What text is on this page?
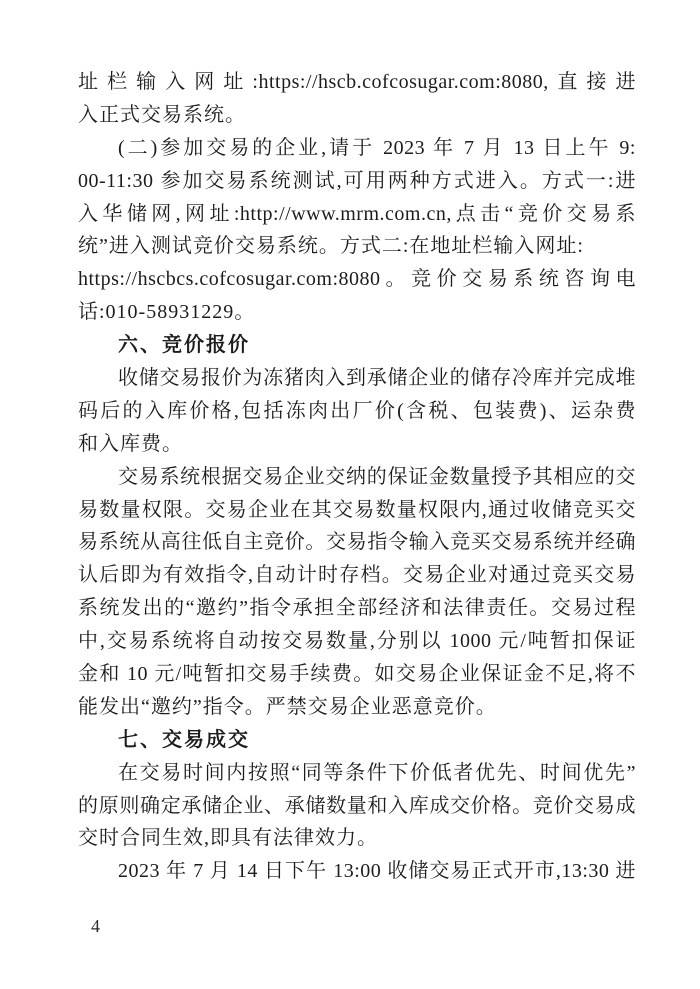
址栏输入网址:https://hscb.cofcosugar.com:8080,直接进
入正式交易系统。
(二)参加交易的企业,请于 2023 年 7 月 13 日上午 9:
00-11:30 参加交易系统测试,可用两种方式进入。方式一:进
入华储网,网址:http://www.mrm.com.cn,点击“竞价交易系
统”进入测试竞价交易系统。方式二:在地址栏输入网址:
https://hscbcs.cofcosugar.com:8080。竞价交易系统咨询电
话:010-58931229。
六、竞价报价
收储交易报价为冻猪肉入到承储企业的储存冷库并完成堆
码后的入库价格,包括冻肉出厂价(含税、包装费)、运杂费
和入库费。
交易系统根据交易企业交纳的保证金数量授予其相应的交
易数量权限。交易企业在其交易数量权限内,通过收储竞买交
易系统从高往低自主竞价。交易指令输入竞买交易系统并经确
认后即为有效指令,自动计时存档。交易企业对通过竞买交易
系统发出的“邀约”指令承担全部经济和法律责任。交易过程
中,交易系统将自动按交易数量,分别以 1000 元/吨暂扣保证
金和 10 元/吨暂扣交易手续费。如交易企业保证金不足,将不
能发出“邀约”指令。严禁交易企业恶意竞价。
七、交易成交
在交易时间内按照“同等条件下价低者优先、时间优先”
的原则确定承储企业、承储数量和入库成交价格。竞价交易成
交时合同生效,即具有法律效力。
2023 年 7 月 14 日下午 13:00 收储交易正式开市,13:30 进
4
